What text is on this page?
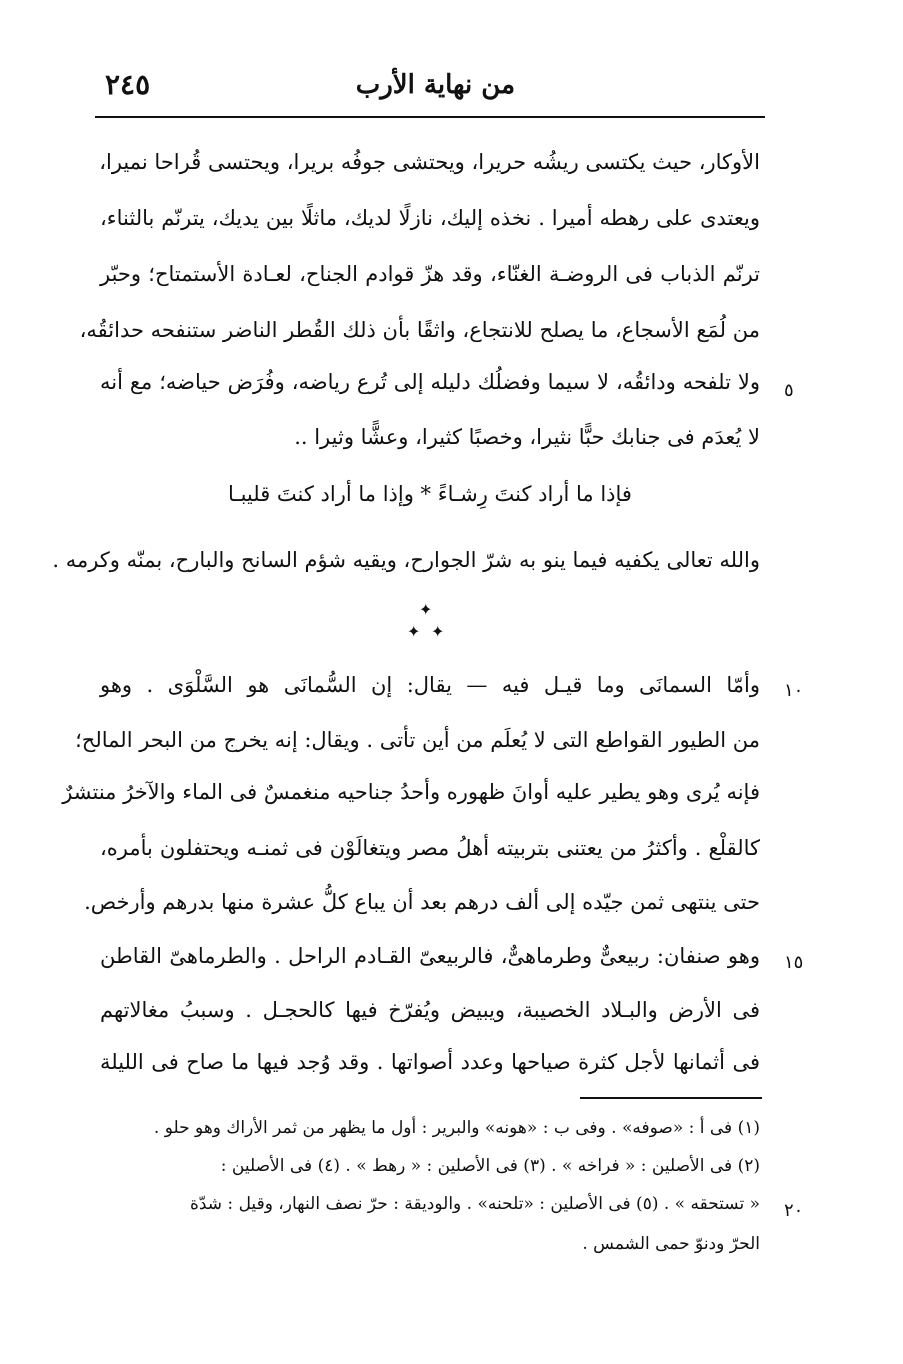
من نهاية الأرب
٢٤٥
الأوكار، حيث يكتسى ريشُه حريرا، ويحتشى جوفُه بريرا، ويحتسى قُراحا نميرا،
ويعتدى على رهطه أميرا . نخذه إليك، نازلًا لديك، ماثلًا بين يديك، يترنّم بالثناء،
ترنّم الذباب فى الروضـة الغنّاء، وقد هزّ قوادم الجناح، لعـادة الأستمتاح؛ وحبّر
من لُمَع الأسجاع، ما يصلح للانتجاع، واثقًا بأن ذلك القُطر الناضر ستنفحه حدائقُه،
ولا تلفحه ودائقُه، لا سيما وفضلُك دليله إلى تُرع رياضه، وفُرَض حياضه؛ مع أنه ٥
لا يُعدَم فى جنابك حبًّا نثيرا، وخصبًا كثيرا، وعشًّا وثيرا ..
فإذا ما أراد كنتَ رِشـاءً * وإذا ما أراد كنتَ قليبـا
والله تعالى يكفيه فيما ينو به شرّ الجوارح، ويقيه شؤم السانح والبارح، بمنّه وكرمه .
✦
✦ ✦
وأمّا السمانَى وما قيـل فيه — يقال: إن السُّمانَى هو السَّلْوَى . وهو ١٠
من الطيور القواطع التى لا يُعلَم من أين تأتى . ويقال: إنه يخرج من البحر المالح؛
فإنه يُرى وهو يطير عليه أوانَ ظهوره وأحدُ جناحيه منغمسٌ فى الماء والآخرُ منتشرٌ
كالقلْع . وأكثرُ من يعتنى بتربيته أهلُ مصر ويتغالَوْن فى ثمنـه ويحتفلون بأمره،
حتى ينتهى ثمن جيّده إلى ألف درهم بعد أن يباع كلُّ عشرة منها بدرهم وأرخص.
وهو صنفان: ربيعىٌّ وطرماهىٌّ، فالربيعىّ القـادم الراحل . والطرماهىّ القاطن ١٥
فى الأرض والبـلاد الخصيبة، ويبيض ويُفرّخ فيها كالحجـل . وسببُ مغالاتهم
فى أثمانها لأجل كثرة صياحها وعدد أصواتها . وقد وُجد فيها ما صاح فى الليلة
(١) فى أ : «صوفه» . وفى ب : «هونه» والبرير : أول ما يظهر من ثمر الأراك وهو حلو .
(٢) فى الأصلين : « فراخه » . (٣) فى الأصلين : « رهط » . (٤) فى الأصلين :
« تستحقه » . (٥) فى الأصلين : «تلحنه» . والوديقة : حرّ نصف النهار، وقيل : شدّة ٢٠
الحرّ ودنوّ حمى الشمس .
